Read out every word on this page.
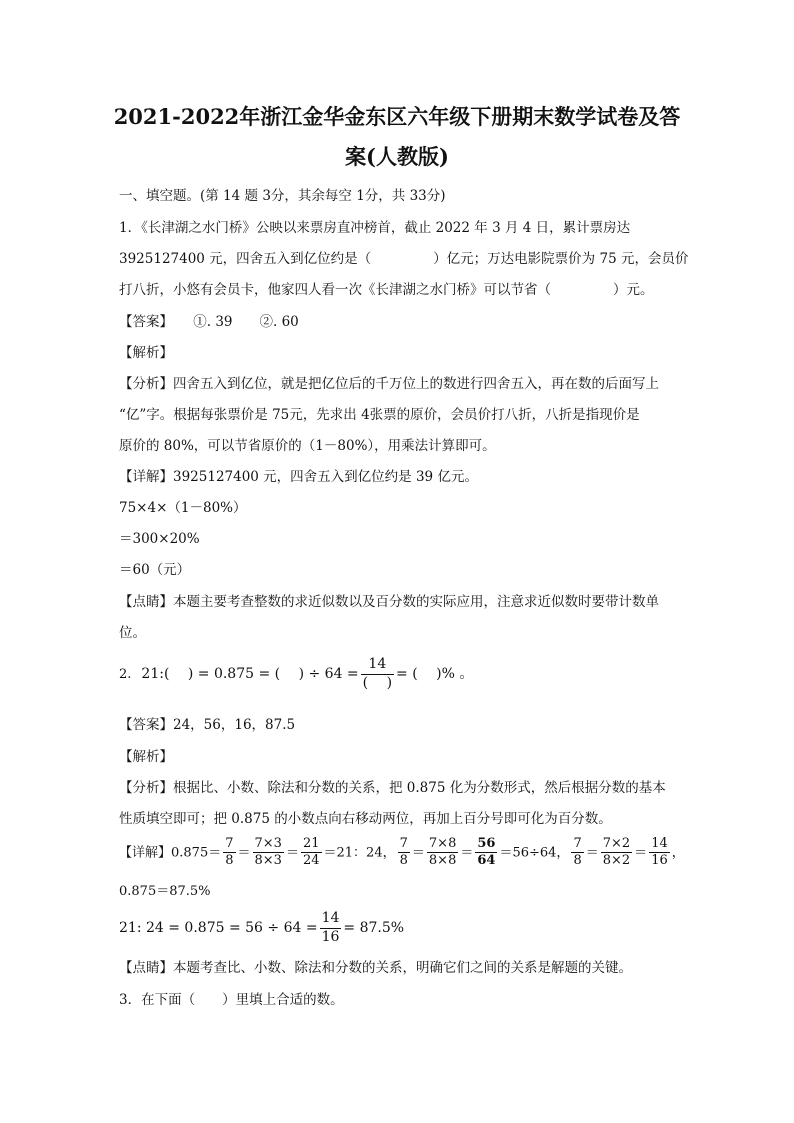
2021-2022年浙江金华金东区六年级下册期末数学试卷及答
案(人教版)
一、填空题。(第 14 题 3分，其余每空 1分，共 33分)
1．《长津湖之水门桥》公映以来票房直冲榜首，截止 2022 年 3 月 4 日，累计票房达
3925127400 元，四舍五入到亿位约是（	）亿元；万达电影院票价为 75 元，会员价
打八折，小悠有会员卡，他家四人看一次《长津湖之水门桥》可以节省（	）元。
【答案】　　①. 39　　②. 60
【解析】
【分析】四舍五入到亿位，就是把亿位后的千万位上的数进行四舍五入，再在数的后面写上
“亿”字。根据每张票价是 75元，先求出 4张票的原价，会员价打八折，八折是指现价是
原价的 80%，可以节省原价的（1－80%），用乘法计算即可。
【详解】3925127400 元，四舍五入到亿位约是 39 亿元。
75×4×（1－80%）
＝300×20%
＝60（元）
【点睛】本题主要考查整数的求近似数以及百分数的实际应用，注意求近似数时要带计数单
位。
2. 21:(　 ) = 0.875 = (　 ) ÷ $64 = \frac{14}{( )}$ = (　 )% 。
【答案】24，56，16，87.5
【解析】
【分析】根据比、小数、除法和分数的关系，把 0.875 化为分数形式，然后根据分数的基本
性质填空即可；把 0.875 的小数点向右移动两位，再加上百分号即可化为百分数。
【详解】$0.875= \frac{7}{8} = \frac{7\times 3}{8\times 3} = \frac{21}{24} =21$：24， $\frac{7}{8} = \frac{7\times 8}{8\times 8} = \frac{56}{64} =56\div 64$， $\frac{7}{8} = \frac{7\times 2}{8\times 2} = \frac{14}{16}$ ，
0.875＝87.5%
21: $24 = 0.875 = 56 \div 64 = \frac{14}{16} = 87.5\%$
【点睛】本题考查比、小数、除法和分数的关系，明确它们之间的关系是解题的关键。
3．在下面（　　）里填上合适的数。
